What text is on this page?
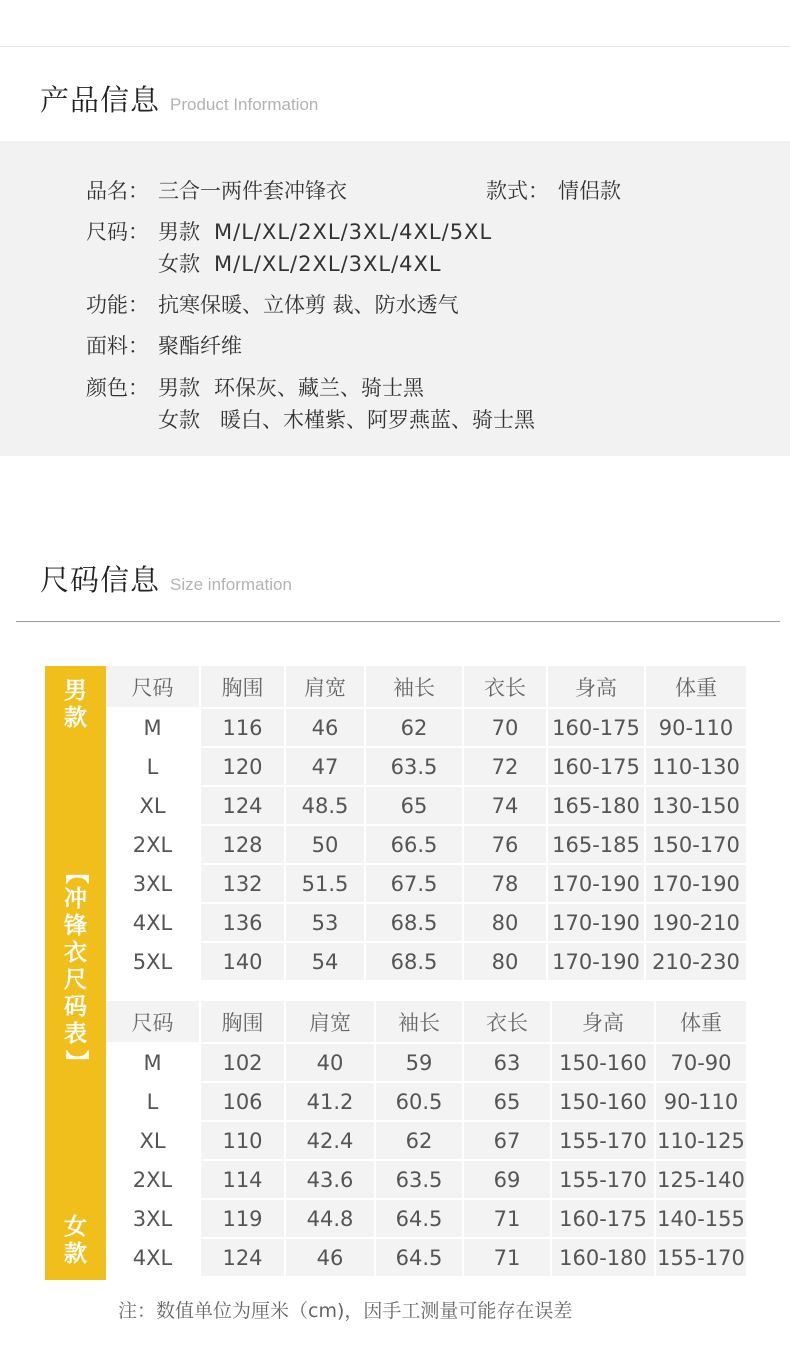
产品信息 Product Information
品名： 三合一两件套冲锋衣	款式： 情侣款
尺码： 男款 M/L/XL/2XL/3XL/4XL/5XL
女款 M/L/XL/2XL/3XL/4XL
功能： 抗寒保暖、立体剪 裁、防水透气
面料： 聚酯纤维
颜色： 男款 环保灰、藏兰、骑士黑
女款 暖白、木槿紫、阿罗燕蓝、骑士黑
尺码信息 Size information
男
款
【
冲
锋
衣
尺
码
表
】
女
款
尺码	胸围	肩宽	袖长	衣长	身高	体重
M	116	46	62	70	160-175	90-110
L	120	47	63.5	72	160-175	110-130
XL	124	48.5	65	74	165-180	130-150
2XL	128	50	66.5	76	165-185	150-170
3XL	132	51.5	67.5	78	170-190	170-190
4XL	136	53	68.5	80	170-190	190-210
5XL	140	54	68.5	80	170-190	210-230
尺码	胸围	肩宽	袖长	衣长	身高	体重
M	102	40	59	63	150-160	70-90
L	106	41.2	60.5	65	150-160	90-110
XL	110	42.4	62	67	155-170	110-125
2XL	114	43.6	63.5	69	155-170	125-140
3XL	119	44.8	64.5	71	160-175	140-155
4XL	124	46	64.5	71	160-180	155-170
注：数值单位为厘米（cm)，因手工测量可能存在误差
